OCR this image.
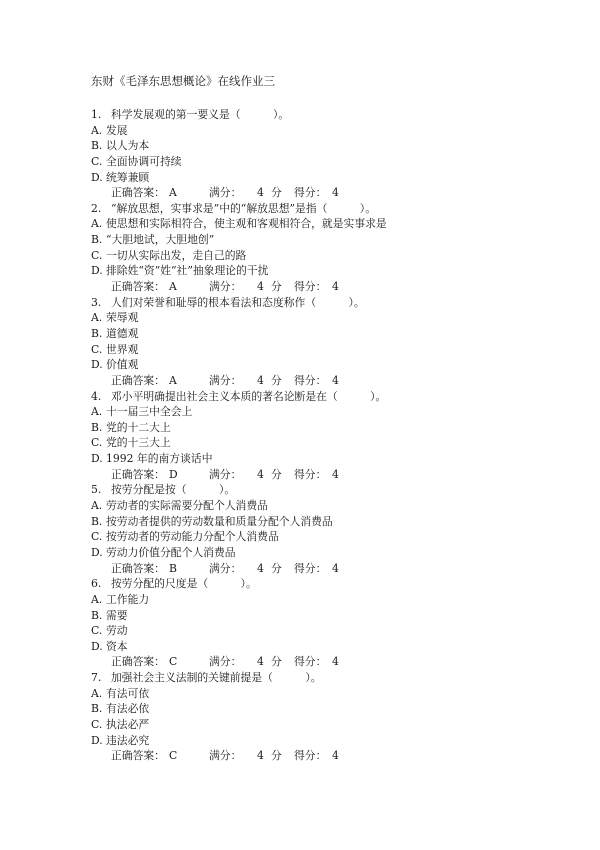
东财《毛泽东思想概论》在线作业三
1. 科学发展观的第一要义是（　　　）。
A. 发展
B. 以人为本
C. 全面协调可持续
D. 统筹兼顾
正确答案： A	满分： 4 分 得分： 4
2. “解放思想，实事求是”中的“解放思想”是指（　　　）。
A. 使思想和实际相符合，使主观和客观相符合，就是实事求是
B. “大胆地试，大胆地创”
C. 一切从实际出发，走自己的路
D. 排除姓“资”姓“社”抽象理论的干扰
正确答案： A	满分： 4 分 得分： 4
3. 人们对荣誉和耻辱的根本看法和态度称作（　　　）。
A. 荣辱观
B. 道德观
C. 世界观
D. 价值观
正确答案： A	满分： 4 分 得分： 4
4. 邓小平明确提出社会主义本质的著名论断是在（　　　）。
A. 十一届三中全会上
B. 党的十二大上
C. 党的十三大上
D. 1992 年的南方谈话中
正确答案： D	满分： 4 分 得分： 4
5. 按劳分配是按（　　　）。
A. 劳动者的实际需要分配个人消费品
B. 按劳动者提供的劳动数量和质量分配个人消费品
C. 按劳动者的劳动能力分配个人消费品
D. 劳动力价值分配个人消费品
正确答案： B	满分： 4 分 得分： 4
6. 按劳分配的尺度是（　　　）。
A. 工作能力
B. 需要
C. 劳动
D. 资本
正确答案： C	满分： 4 分 得分： 4
7. 加强社会主义法制的关键前提是（　　　）。
A. 有法可依
B. 有法必依
C. 执法必严
D. 违法必究
正确答案： C	满分： 4 分 得分： 4
